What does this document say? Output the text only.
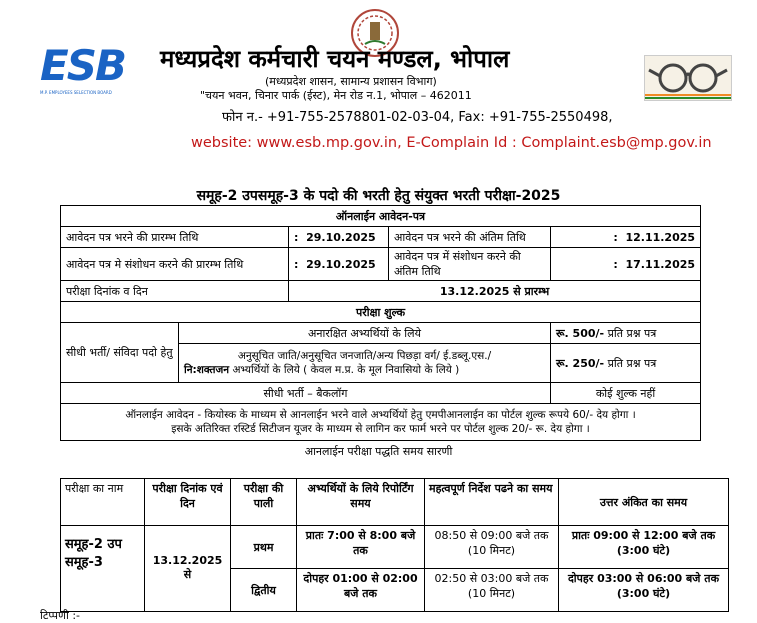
ESB
M.P. EMPLOYEES SELECTION BOARD
मध्यप्रदेश कर्मचारी चयन मण्डल, भोपाल
(मध्यप्रदेश शासन, सामान्य प्रशासन विभाग)
"चयन भवन, चिनार पार्क (ईस्ट), मेन रोड न.1, भोपाल – 462011
फोन न.- +91-755-2578801-02-03-04, Fax: +91-755-2550498,
website: www.esb.mp.gov.in, E-Complain Id : Complaint.esb@mp.gov.in
समूह-2 उपसमूह-3 के पदो की भरती हेतु संयुक्त भरती परीक्षा-2025
ऑनलाईन आवेदन-पत्र				
आवेदन पत्र भरने की प्रारम्भ तिथि		: 29.10.2025	आवेदन पत्र भरने की अंतिम तिथि	: 12.11.2025
आवेदन पत्र मे संशोधन करने की प्रारम्भ तिथि		: 29.10.2025	आवेदन पत्र में संशोधन करने की अंतिम तिथि	: 17.11.2025
परीक्षा दिनांक व दिन		13.12.2025 से प्रारम्भ		
परीक्षा शुल्क				
सीधी भर्ती/ संविदा पदो हेतु	अनारक्षित अभ्यर्थियों के लिये			रू. 500/- प्रति प्रश्न पत्र

	अनुसूचित जाति/अनुसूचित जनजाति/अन्य पिछड़ा वर्ग/ ई.डब्लू.एस./
नि:शक्तजन अभ्यर्थियों के लिये ( केवल म.प्र. के मूल निवासियो के लिये )			रू. 250/- प्रति प्रश्न पत्र
सीधी भर्ती – बैकलॉग				कोई शुल्क नहीं

ऑनलाईन आवेदन - कियोस्क के माध्यम से आनलाईन भरने वाले अभ्यर्थियों हेतु एमपीआनलाईन का पोर्टल शुल्क रूपये 60/- देय होगा ।
इसके अतिरिक्त रस्टिर्ड सिटीजन यूजर के माध्यम से लागिन कर फार्म भरने पर पोर्टल शुल्क 20/- रू. देय होगा ।				
आनलाईन परीक्षा पद्धति समय सारणी
परीक्षा का नाम	परीक्षा दिनांक एवं दिन	परीक्षा की पाली	अभ्यर्थियों के लिये रिपोर्टिंग समय	महत्वपूर्ण निर्देश पढने का समय	उत्तर अंकित का समय
समूह-2 उप समूह-3	13.12.2025 से	प्रथम	प्रातः 7:00 से 8:00 बजे तक	08:50 से 09:00 बजे तक (10 मिनट)	प्रातः 09:00 से 12:00 बजे तक (3:00 घंटे)
		द्वितीय	दोपहर 01:00 से 02:00 बजे तक	02:50 से 03:00 बजे तक (10 मिनट)	दोपहर 03:00 से 06:00 बजे तक (3:00 घंटे)
टिप्पणी :-
